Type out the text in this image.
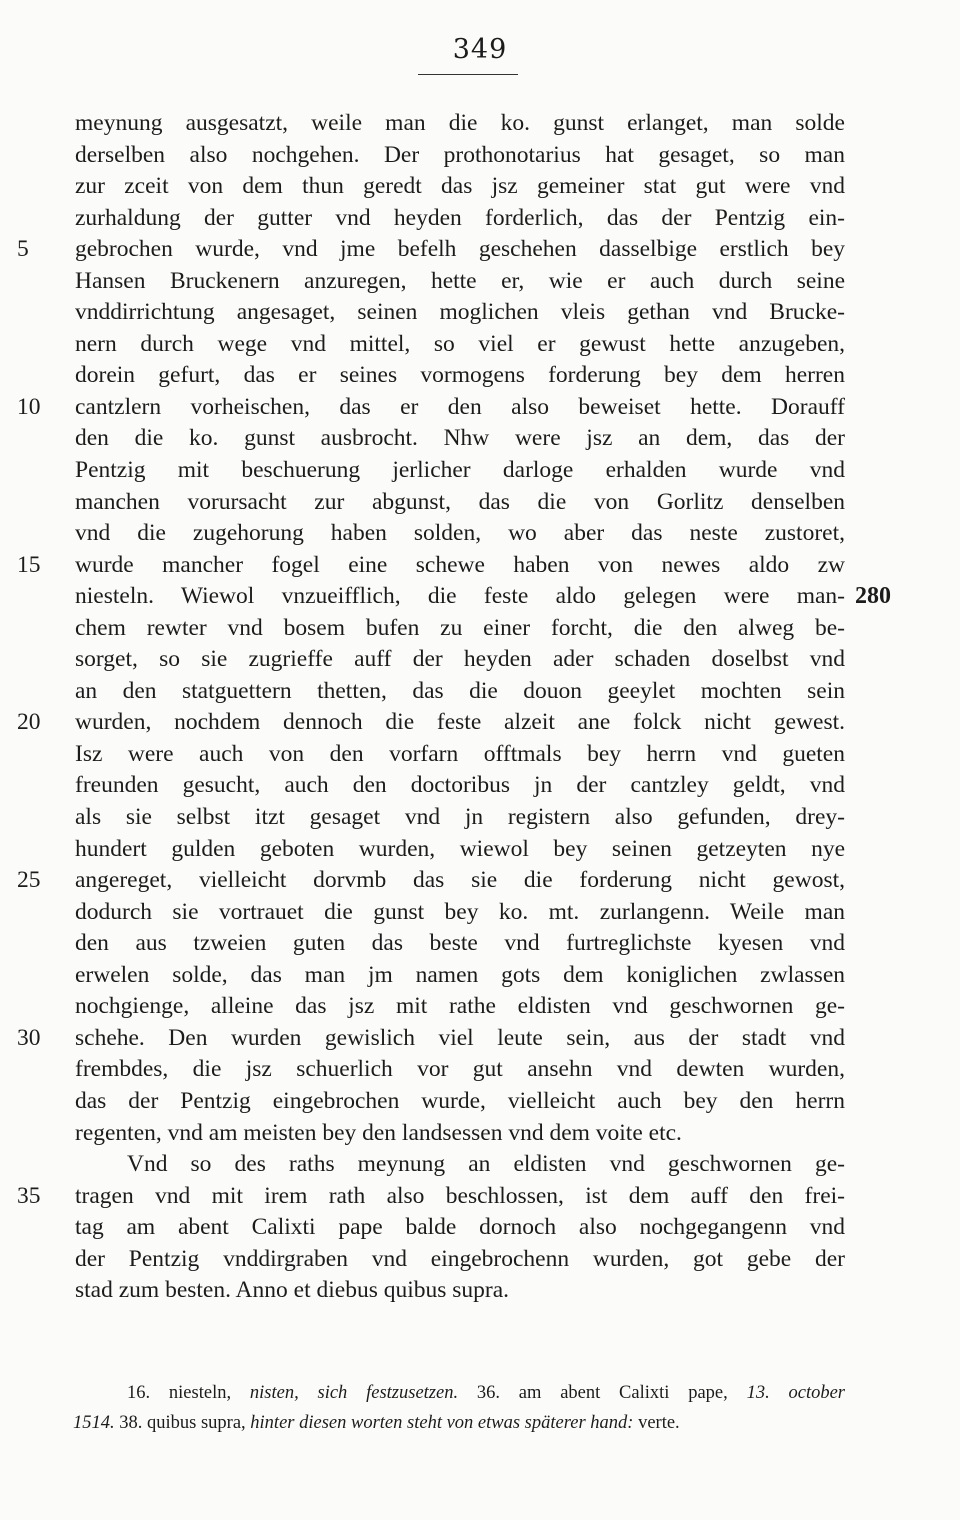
349
meynung ausgesatzt, weile man die ko. gunst erlanget, man solde
derselben also nochgehen. Der prothonotarius hat gesaget, so man
zur zceit von dem thun geredt das jsz gemeiner stat gut were vnd
zurhaldung der gutter vnd heyden forderlich, das der Pentzig ein-
5	gebrochen wurde, vnd jme befelh geschehen dasselbige erstlich bey
Hansen Bruckenern anzuregen, hette er, wie er auch durch seine
vnddirrichtung angesaget, seinen moglichen vleis gethan vnd Brucke-
nern durch wege vnd mittel, so viel er gewust hette anzugeben,
dorein gefurt, das er seines vormogens forderung bey dem herren
10	cantzlern vorheischen, das er den also beweiset hette. Dorauff
den die ko. gunst ausbrocht. Nhw were jsz an dem, das der
Pentzig mit beschuerung jerlicher darloge erhalden wurde vnd
manchen vorursacht zur abgunst, das die von Gorlitz denselben
vnd die zugehorung haben solden, wo aber das neste zustoret,
15	wurde mancher fogel eine schewe haben von newes aldo zw
niesteln. Wiewol vnzueifflich, die feste aldo gelegen were man- 280
chem rewter vnd bosem bufen zu einer forcht, die den alweg be-
sorget, so sie zugrieffe auff der heyden ader schaden doselbst vnd
an den statguettern thetten, das die douon geeylet mochten sein
20	wurden, nochdem dennoch die feste alzeit ane folck nicht gewest.
Isz were auch von den vorfarn offtmals bey herrn vnd gueten
freunden gesucht, auch den doctoribus jn der cantzley geldt, vnd
als sie selbst itzt gesaget vnd jn registern also gefunden, drey-
hundert gulden geboten wurden, wiewol bey seinen getzeyten nye
25	angereget, vielleicht dorvmb das sie die forderung nicht gewost,
dodurch sie vortrauet die gunst bey ko. mt. zurlangenn. Weile man
den aus tzweien guten das beste vnd furtreglichste kyesen vnd
erwelen solde, das man jm namen gots dem koniglichen zwlassen
nochgienge, alleine das jsz mit rathe eldisten vnd geschwornen ge-
30	schehe. Den wurden gewislich viel leute sein, aus der stadt vnd
frembdes, die jsz schuerlich vor gut ansehn vnd dewten wurden,
das der Pentzig eingebrochen wurde, vielleicht auch bey den herrn
regenten, vnd am meisten bey den landsessen vnd dem voite etc.
Vnd so des raths meynung an eldisten vnd geschwornen ge-
35	tragen vnd mit irem rath also beschlossen, ist dem auff den frei-
tag am abent Calixti pape balde dornoch also nochgegangenn vnd
der Pentzig vnddirgraben vnd eingebrochenn wurden, got gebe der
stad zum besten. Anno et diebus quibus supra.
16. niesteln, nisten, sich festzusetzen. 36. am abent Calixti pape, 13. october
1514. 38. quibus supra, hinter diesen worten steht von etwas späterer hand: verte.
